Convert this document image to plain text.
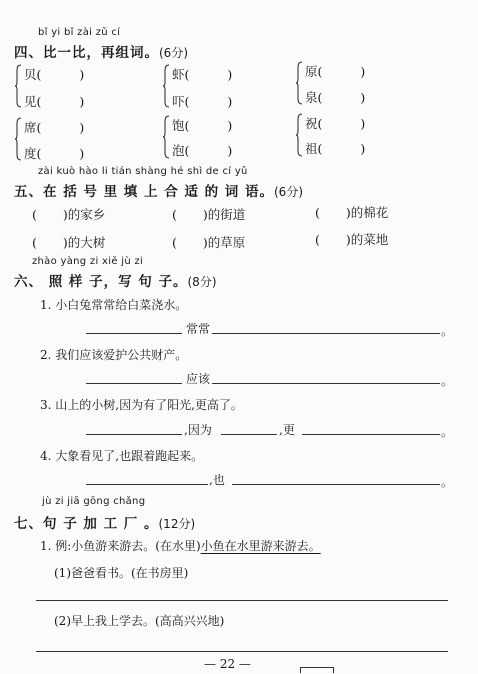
bǐ yi bǐ zài zǔ cí
四、比一比，再组词。(6分)
贝(	)
见(	)
虾(	)
吓(	)
原(	)
泉(	)
席(	)
度(	)
饱(	)
泡(	)
祝(	)
祖(	)
zài kuò hào li tián shàng hé shì de cí yǔ
五、在 括 号 里 填 上 合 适 的 词 语。(6分)
( )的家乡	( )的街道	( )的棉花
( )的大树	( )的草原	( )的菜地
zhào yàng zi xiě jù zi
六、 照 样 子，写 句 子。(8分)
1. 小白兔常常给白菜浇水。
常常	。
2. 我们应该爱护公共财产。
应该	。
3. 山上的小树,因为有了阳光,更高了。
,因为	,更	。
4. 大象看见了,也跟着跑起来。
,也	。
jù zi jiā gōng chǎng
七、句 子 加 工 厂 。(12分)
1. 例:小鱼游来游去。(在水里)小鱼在水里游来游去。
(1)爸爸看书。(在书房里)
(2)早上我上学去。(高高兴兴地)
— 22 —
